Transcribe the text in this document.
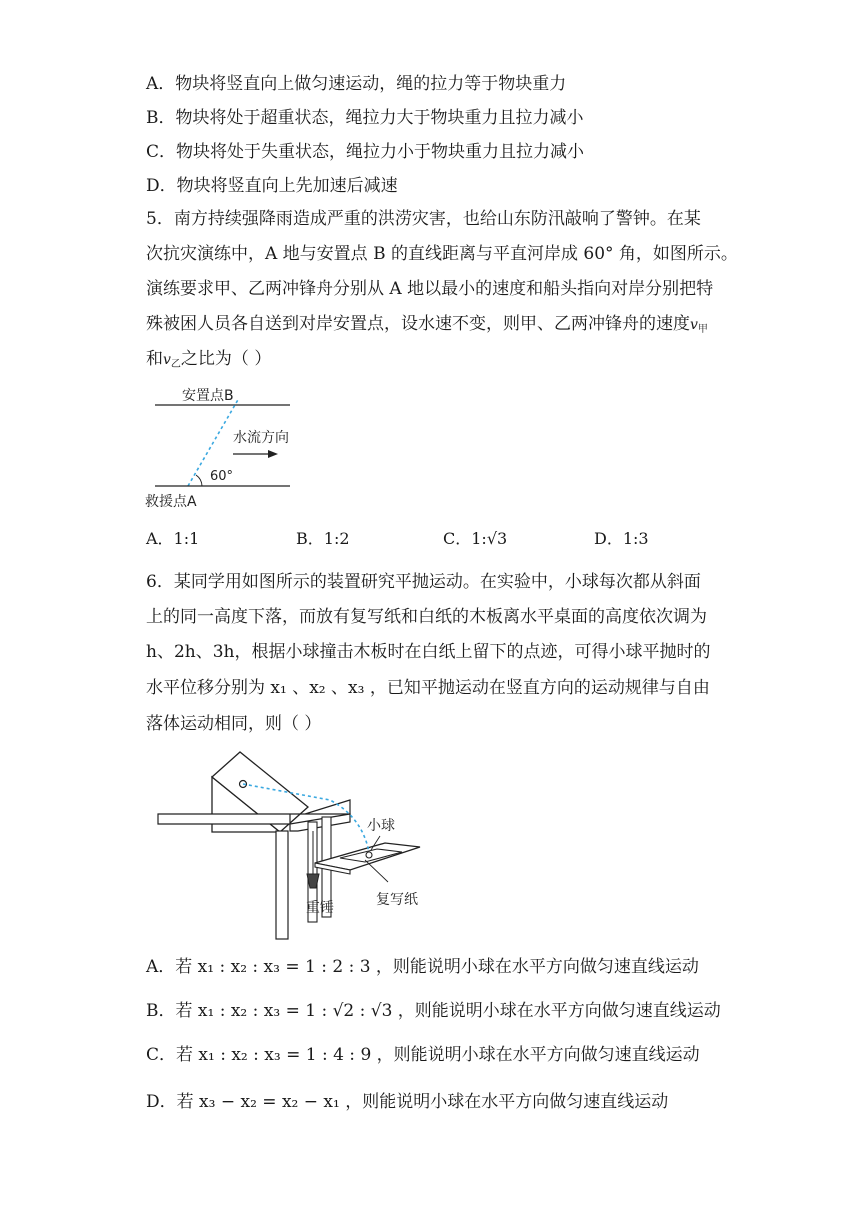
A．物块将竖直向上做匀速运动，绳的拉力等于物块重力
B．物块将处于超重状态，绳拉力大于物块重力且拉力减小
C．物块将处于失重状态，绳拉力小于物块重力且拉力减小
D．物块将竖直向上先加速后减速
5．南方持续强降雨造成严重的洪涝灾害，也给山东防汛敲响了警钟。在某
次抗灾演练中，A 地与安置点 B 的直线距离与平直河岸成 60° 角，如图所示。
演练要求甲、乙两冲锋舟分别从 A 地以最小的速度和船头指向对岸分别把特
殊被困人员各自送到对岸安置点，设水速不变，则甲、乙两冲锋舟的速度$v_甲$
和$v_乙$之比为（ ）
安置点B
水流方向
60°
救援点A
A．1:1	B．1:2	C．1:√3	D．1:3
6．某同学用如图所示的装置研究平抛运动。在实验中，小球每次都从斜面
上的同一高度下落，而放有复写纸和白纸的木板离水平桌面的高度依次调为
h、2h、3h，根据小球撞击木板时在白纸上留下的点迹，可得小球平抛时的
水平位移分别为 x₁ 、x₂ 、x₃ ，已知平抛运动在竖直方向的运动规律与自由
落体运动相同，则（ ）
小球
复写纸
重锤
A．若 x₁ : x₂ : x₃ = 1 : 2 : 3 ，则能说明小球在水平方向做匀速直线运动
B．若 x₁ : x₂ : x₃ = 1 : √2 : √3 ，则能说明小球在水平方向做匀速直线运动
C．若 x₁ : x₂ : x₃ = 1 : 4 : 9 ，则能说明小球在水平方向做匀速直线运动
D．若 x₃ − x₂ = x₂ − x₁ ，则能说明小球在水平方向做匀速直线运动
